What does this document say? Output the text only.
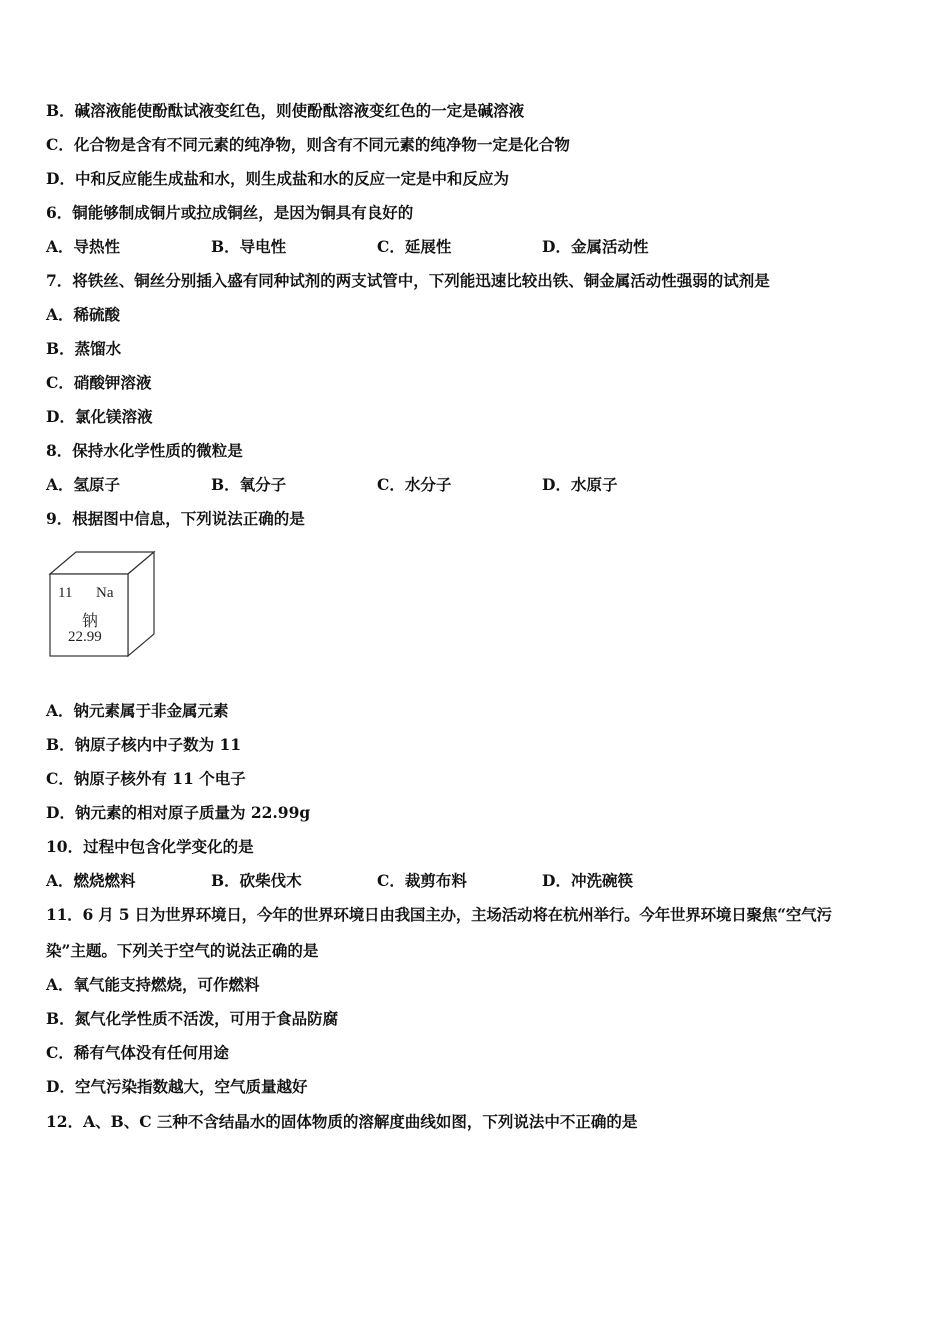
B．碱溶液能使酚酞试液变红色，则使酚酞溶液变红色的一定是碱溶液
C．化合物是含有不同元素的纯净物，则含有不同元素的纯净物一定是化合物
D．中和反应能生成盐和水，则生成盐和水的反应一定是中和反应为
6．铜能够制成铜片或拉成铜丝，是因为铜具有良好的
A．导热性	B．导电性	C．延展性	D．金属活动性
7．将铁丝、铜丝分别插入盛有同种试剂的两支试管中，下列能迅速比较出铁、铜金属活动性强弱的试剂是
A．稀硫酸
B．蒸馏水
C．硝酸钾溶液
D．氯化镁溶液
8．保持水化学性质的微粒是
A．氢原子	B．氧分子	C．水分子	D．水原子
9．根据图中信息，下列说法正确的是
11 Na
钠
22.99
A．钠元素属于非金属元素
B．钠原子核内中子数为 11
C．钠原子核外有 11 个电子
D．钠元素的相对原子质量为 22.99g
10．过程中包含化学变化的是
A．燃烧燃料	B．砍柴伐木	C．裁剪布料	D．冲洗碗筷
11．6 月 5 日为世界环境日，今年的世界环境日由我国主办，主场活动将在杭州举行。今年世界环境日聚焦“空气污
染”主题。下列关于空气的说法正确的是
A．氧气能支持燃烧，可作燃料
B．氮气化学性质不活泼，可用于食品防腐
C．稀有气体没有任何用途
D．空气污染指数越大，空气质量越好
12．A、B、C 三种不含结晶水的固体物质的溶解度曲线如图，下列说法中不正确的是
